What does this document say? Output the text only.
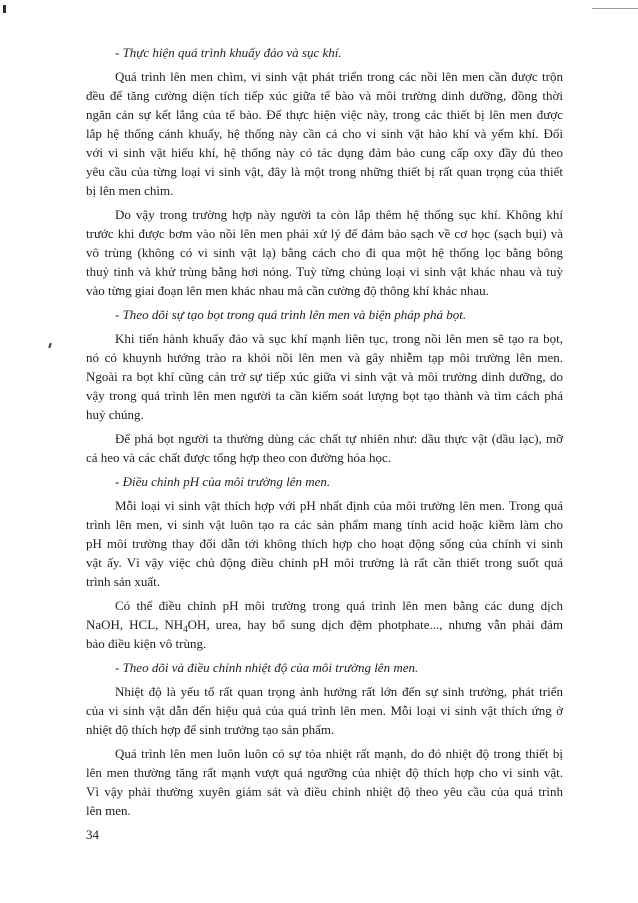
- Thực hiện quá trình khuấy đảo và sục khí.
Quá trình lên men chìm, vi sinh vật phát triển trong các nồi lên men cần được trộn
đều để tăng cường diện tích tiếp xúc giữa tế bào và môi trường dinh dưỡng, đồng thời
ngăn cản sự kết lắng của tế bào. Để thực hiện việc này, trong các thiết bị lên men được
lắp hệ thống cánh khuấy, hệ thống này cần cả cho vi sinh vật hảo khí và yếm khí. Đối
với vi sinh vật hiếu khí, hệ thống này có tác dụng đảm bảo cung cấp oxy đầy đủ theo
yêu cầu của từng loại vi sinh vật, đây là một trong những thiết bị rất quan trọng của thiết
bị lên men chìm.
Do vậy trong trường hợp này người ta còn lắp thêm hệ thống sục khí. Không khí
trước khi được bơm vào nồi lên men phải xử lý để đảm bảo sạch về cơ học (sạch bụi) và
vô trùng (không có vi sinh vật lạ) bằng cách cho đi qua một hệ thống lọc bằng bông
thuỷ tinh và khử trùng bằng hơi nóng. Tuỳ từng chủng loại vi sinh vật khác nhau và tuỳ
vào từng giai đoạn lên men khác nhau mà cần cường độ thông khí khác nhau.
- Theo dõi sự tạo bọt trong quá trình lên men và biện pháp phá bọt.
Khi tiến hành khuấy đảo và sục khí mạnh liên tục, trong nồi lên men sẽ tạo ra bọt,
nó có khuynh hướng trào ra khỏi nồi lên men và gây nhiễm tạp môi trường lên men.
Ngoài ra bọt khí cũng cản trở sự tiếp xúc giữa vi sinh vật và môi trường dinh dưỡng, do
vậy trong quá trình lên men người ta cần kiểm soát lượng bọt tạo thành và tìm cách phá
huỷ chúng.
Để phá bọt người ta thường dùng các chất tự nhiên như: dầu thực vật (dầu lạc), mỡ
cá heo và các chất được tổng hợp theo con đường hóa học.
- Điều chỉnh pH của môi trường lên men.
Mỗi loại vi sinh vật thích hợp với pH nhất định của môi trường lên men. Trong quá
trình lên men, vi sinh vật luôn tạo ra các sản phẩm mang tính acid hoặc kiềm làm cho
pH môi trường thay đổi dẫn tới không thích hợp cho hoạt động sống của chính vi sinh
vật ấy. Vì vậy việc chủ động điều chỉnh pH môi trường là rất cần thiết trong suốt quá
trình sản xuất.
Có thể điều chỉnh pH môi trường trong quá trình lên men bằng các dung dịch
NaOH, HCL, $NH_4OH$, urea, hay bổ sung dịch đệm photphate..., nhưng vẫn phải đảm
bảo điều kiện vô trùng.
- Theo dõi và điều chỉnh nhiệt độ của môi trường lên men.
Nhiệt độ là yếu tố rất quan trọng ảnh hưởng rất lớn đến sự sinh trưởng, phát triển
của vi sinh vật dẫn đến hiệu quả của quá trình lên men. Mỗi loại vi sinh vật thích ứng ở
nhiệt độ thích hợp để sinh trưởng tạo sản phẩm.
Quá trình lên men luôn luôn có sự tỏa nhiệt rất mạnh, do đó nhiệt độ trong thiết bị
lên men thường tăng rất mạnh vượt quá ngưỡng của nhiệt độ thích hợp cho vi sinh vật.
Vì vậy phải thường xuyên giám sát và điều chỉnh nhiệt độ theo yêu cầu của quá trình
lên men.
34
